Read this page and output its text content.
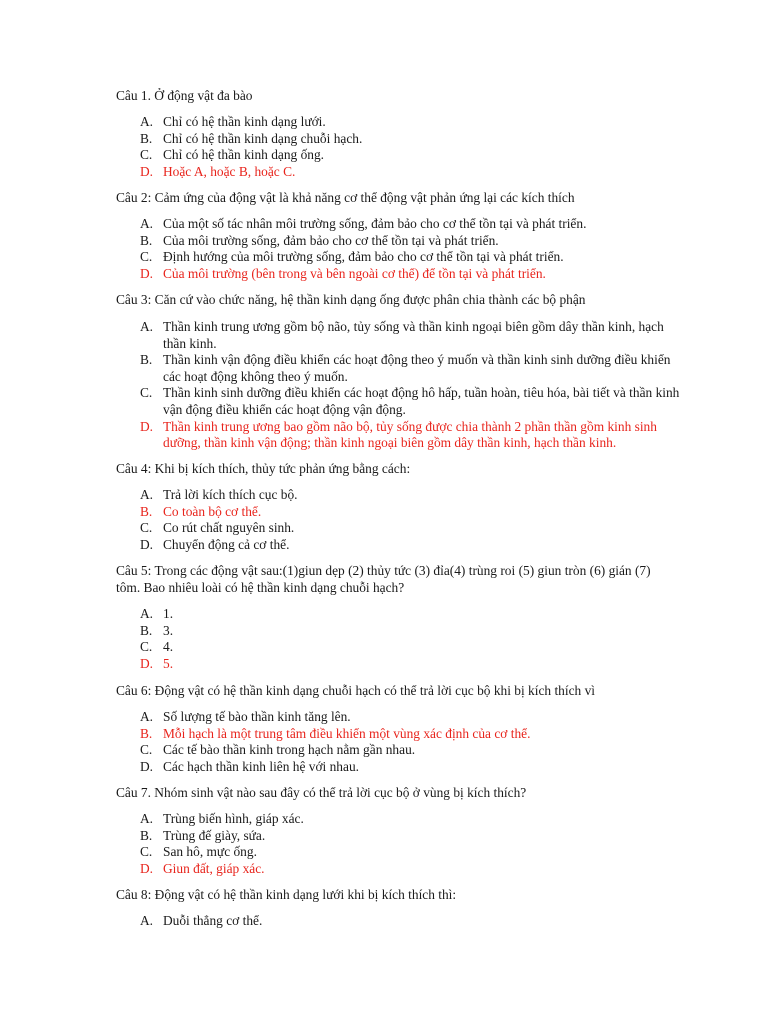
Câu 1. Ở động vật đa bào

A. Chỉ có hệ thần kinh dạng lưới.
B. Chỉ có hệ thần kinh dạng chuỗi hạch.
C. Chỉ có hệ thần kinh dạng ống.
D. Hoặc A, hoặc B, hoặc C.

Câu 2: Cảm ứng của động vật là khả năng cơ thể động vật phản ứng lại các kích thích

A. Của một số tác nhân môi trường sống, đảm bảo cho cơ thể tồn tại và phát triển.
B. Của môi trường sống, đảm bảo cho cơ thể tồn tại và phát triển.
C. Định hướng của môi trường sống, đảm bảo cho cơ thể tồn tại và phát triển.
D. Của môi trường (bên trong và bên ngoài cơ thể) để tồn tại và phát triển.

Câu 3: Căn cứ vào chức năng, hệ thần kinh dạng ống được phân chia thành các bộ phận

A. Thần kinh trung ương gồm bộ não, tủy sống và thần kinh ngoại biên gồm dây thần kinh, hạch thần kinh.
B. Thần kinh vận động điều khiển các hoạt động theo ý muốn và thần kinh sinh dưỡng điều khiển các hoạt động không theo ý muốn.
C. Thần kinh sinh dưỡng điều khiển các hoạt động hô hấp, tuần hoàn, tiêu hóa, bài tiết và thần kinh vận động điều khiển các hoạt động vận động.
D. Thần kinh trung ương bao gồm não bộ, tủy sống được chia thành 2 phần thần gồm kinh sinh dưỡng, thần kinh vận động; thần kinh ngoại biên gồm dây thần kinh, hạch thần kinh.

Câu 4: Khi bị kích thích, thủy tức phản ứng bằng cách:

A. Trả lời kích thích cục bộ.
B. Co toàn bộ cơ thể.
C. Co rút chất nguyên sinh.
D. Chuyển động cả cơ thể.

Câu 5: Trong các động vật sau:(1)giun dẹp (2) thủy tức (3) đỉa(4) trùng roi (5) giun tròn (6) gián (7) tôm. Bao nhiêu loài có hệ thần kinh dạng chuỗi hạch?

A. 1.
B. 3.
C. 4.
D. 5.

Câu 6: Động vật có hệ thần kinh dạng chuỗi hạch có thể trả lời cục bộ khi bị kích thích vì

A. Số lượng tế bào thần kinh tăng lên.
B. Mỗi hạch là một trung tâm điều khiển một vùng xác định của cơ thể.
C. Các tế bào thần kinh trong hạch nằm gần nhau.
D. Các hạch thần kinh liên hệ với nhau.

Câu 7. Nhóm sinh vật nào sau đây có thể trả lời cục bộ ở vùng bị kích thích?

A. Trùng biến hình, giáp xác.
B. Trùng đế giày, sứa.
C. San hô, mực ống.
D. Giun đất, giáp xác.

Câu 8: Động vật có hệ thần kinh dạng lưới khi bị kích thích thì:

A. Duỗi thẳng cơ thể.
